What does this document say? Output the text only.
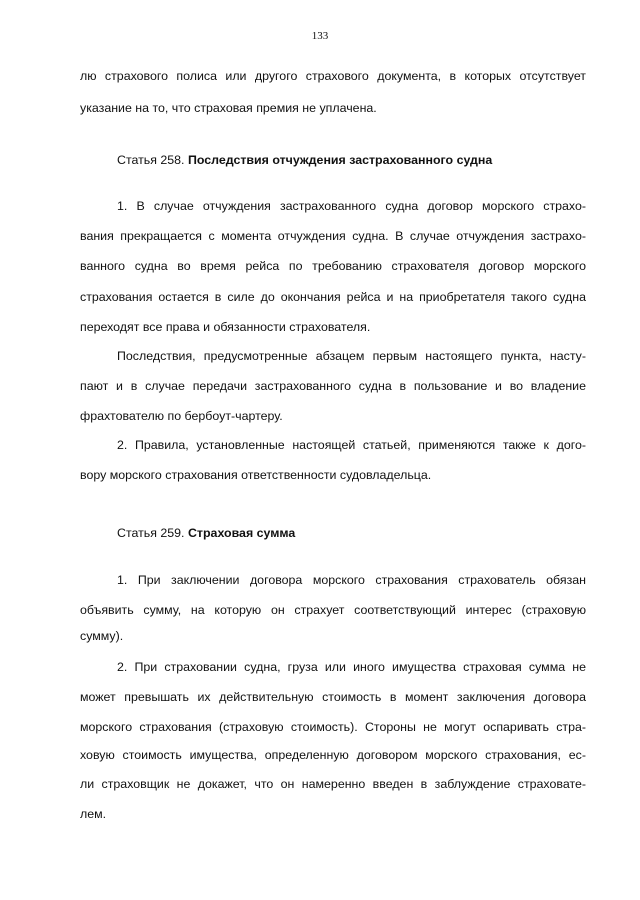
133
лю страхового полиса или другого страхового документа, в которых отсутствует
указание на то, что страховая премия не уплачена.
Статья 258. Последствия отчуждения застрахованного судна
1. В случае отчуждения застрахованного судна договор морского страхо-
вания прекращается с момента отчуждения судна. В случае отчуждения застрахо-
ванного судна во время рейса по требованию страхователя договор морского
страхования остается в силе до окончания рейса и на приобретателя такого судна
переходят все права и обязанности страхователя.
Последствия, предусмотренные абзацем первым настоящего пункта, насту-
пают и в случае передачи застрахованного судна в пользование и во владение
фрахтователю по бербоут-чартеру.
2. Правила, установленные настоящей статьей, применяются также к дого-
вору морского страхования ответственности судовладельца.
Статья 259. Страховая сумма
1. При заключении договора морского страхования страхователь обязан
объявить сумму, на которую он страхует соответствующий интерес (страховую
сумму).
2. При страховании судна, груза или иного имущества страховая сумма не
может превышать их действительную стоимость в момент заключения договора
морского страхования (страховую стоимость). Стороны не могут оспаривать стра-
ховую стоимость имущества, определенную договором морского страхования, ес-
ли страховщик не докажет, что он намеренно введен в заблуждение страховате-
лем.
